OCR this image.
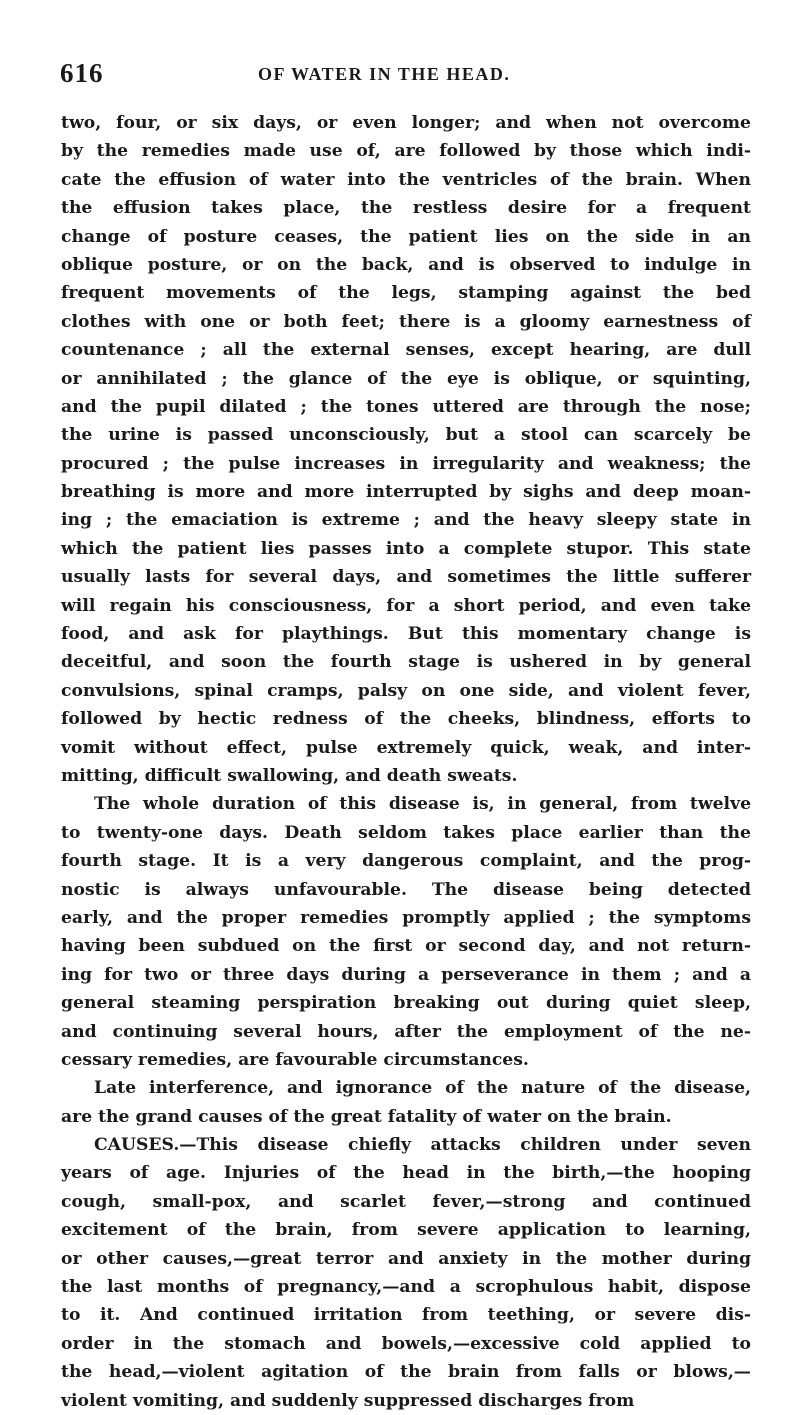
616	OF WATER IN THE HEAD.
two, four, or six days, or even longer; and when not overcome
by the remedies made use of, are followed by those which indi-
cate the effusion of water into the ventricles of the brain. When
the effusion takes place, the restless desire for a frequent
change of posture ceases, the patient lies on the side in an
oblique posture, or on the back, and is observed to indulge in
frequent movements of the legs, stamping against the bed
clothes with one or both feet; there is a gloomy earnestness of
countenance ; all the external senses, except hearing, are dull
or annihilated ; the glance of the eye is oblique, or squinting,
and the pupil dilated ; the tones uttered are through the nose;
the urine is passed unconsciously, but a stool can scarcely be
procured ; the pulse increases in irregularity and weakness; the
breathing is more and more interrupted by sighs and deep moan-
ing ; the emaciation is extreme ; and the heavy sleepy state in
which the patient lies passes into a complete stupor. This state
usually lasts for several days, and sometimes the little sufferer
will regain his consciousness, for a short period, and even take
food, and ask for playthings. But this momentary change is
deceitful, and soon the fourth stage is ushered in by general
convulsions, spinal cramps, palsy on one side, and violent fever,
followed by hectic redness of the cheeks, blindness, efforts to
vomit without effect, pulse extremely quick, weak, and inter-
mitting, difficult swallowing, and death sweats.
The whole duration of this disease is, in general, from twelve
to twenty-one days. Death seldom takes place earlier than the
fourth stage. It is a very dangerous complaint, and the prog-
nostic is always unfavourable. The disease being detected
early, and the proper remedies promptly applied ; the symptoms
having been subdued on the first or second day, and not return-
ing for two or three days during a perseverance in them ; and a
general steaming perspiration breaking out during quiet sleep,
and continuing several hours, after the employment of the ne-
cessary remedies, are favourable circumstances.
Late interference, and ignorance of the nature of the disease,
are the grand causes of the great fatality of water on the brain.
CAUSES.—This disease chiefly attacks children under seven
years of age. Injuries of the head in the birth,—the hooping
cough, small-pox, and scarlet fever,—strong and continued
excitement of the brain, from severe application to learning,
or other causes,—great terror and anxiety in the mother during
the last months of pregnancy,—and a scrophulous habit, dispose
to it. And continued irritation from teething, or severe dis-
order in the stomach and bowels,—excessive cold applied to
the head,—violent agitation of the brain from falls or blows,—
violent vomiting, and suddenly suppressed discharges from
